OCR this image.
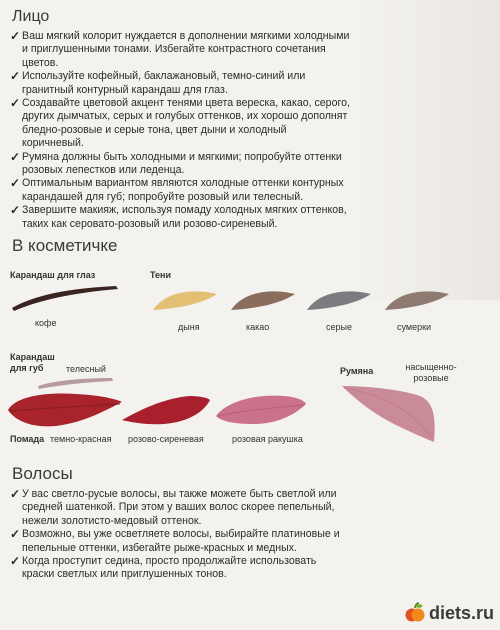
Лицо
✓ Ваш мягкий колорит нуждается в дополнении мягкими холодными и приглушенными тонами. Избегайте контрастного сочетания цветов.
✓ Используйте кофейный, баклажановый, темно-синий или гранитный контурный карандаш для глаз.
✓ Создавайте цветовой акцент тенями цвета вереска, какао, серого, других дымчатых, серых и голубых оттенков, их хорошо дополнят бледно-розовые и серые тона, цвет дыни и холодный коричневый.
✓ Румяна должны быть холодными и мягкими; попробуйте оттенки розовых лепестков или леденца.
✓ Оптимальным вариантом являются холодные оттенки контурных карандашей для губ; попробуйте розовый или телесный.
✓ Завершите макияж, используя помаду холодных мягких оттенков, таких как серовато-розовый или розово-сиреневый.
В косметичке
Карандаш для глаз
кофе
Тени
дыня	какао	серые	сумерки
Карандаш для губ	телесный
Помада темно-красная розово-сиреневая	розовая ракушка
Румяна	насыщенно-розовые
Волосы
✓ У вас светло-русые волосы, вы также можете быть светлой или средней шатенкой. При этом у ваших волос скорее пепельный, нежели золотисто-медовый оттенок.
✓ Возможно, вы уже осветляете волосы, выбирайте платиновые и пепельные оттенки, избегайте рыже-красных и медных.
✓ Когда проступит седина, просто продолжайте использовать краски светлых или приглушенных тонов.
diets.ru
